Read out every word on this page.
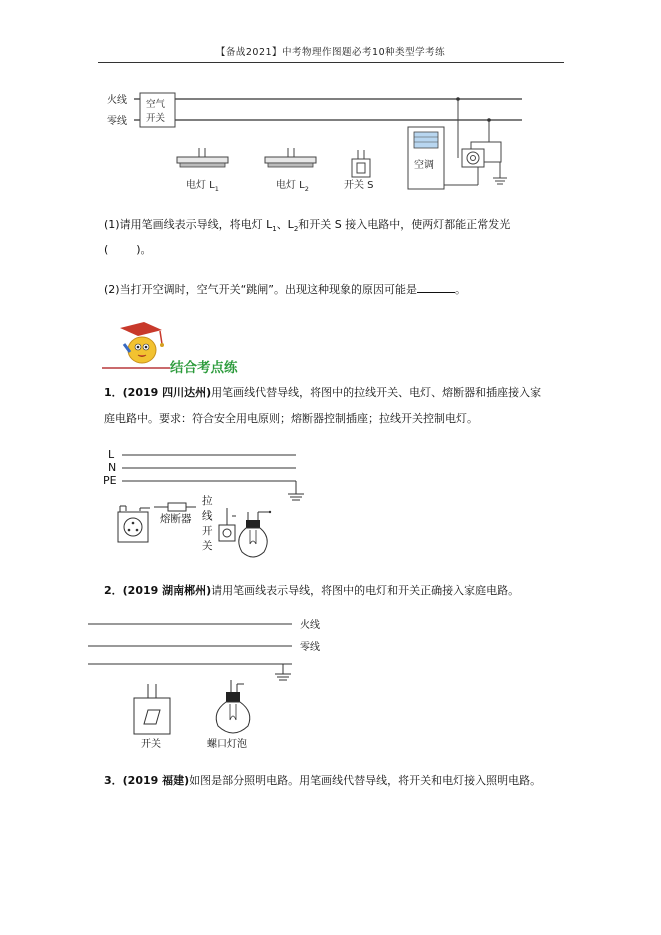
【备战2021】中考物理作图题必考10种类型学考练
火线
零线
空气
开关
电灯 $L_1$	电灯 $L_2$	开关 S
空调
(1)请用笔画线表示导线，将电灯 $L_1$、$L_2$和开关 S 接入电路中，使两灯都能正常发光
(        )。
(2)当打开空调时，空气开关“跳闸”。出现这种现象的原因可能是	。
结合考点练
1．(2019 四川达州)用笔画线代替导线，将图中的拉线开关、电灯、熔断器和插座接入家
庭电路中。要求：符合安全用电原则；熔断器控制插座；拉线开关控制电灯。
L
N
PE
熔断器
拉
线
开
关
2．(2019 湖南郴州)请用笔画线表示导线，将图中的电灯和开关正确接入家庭电路。
火线
零线
开关	螺口灯泡
3．(2019 福建)如图是部分照明电路。用笔画线代替导线，将开关和电灯接入照明电路。
